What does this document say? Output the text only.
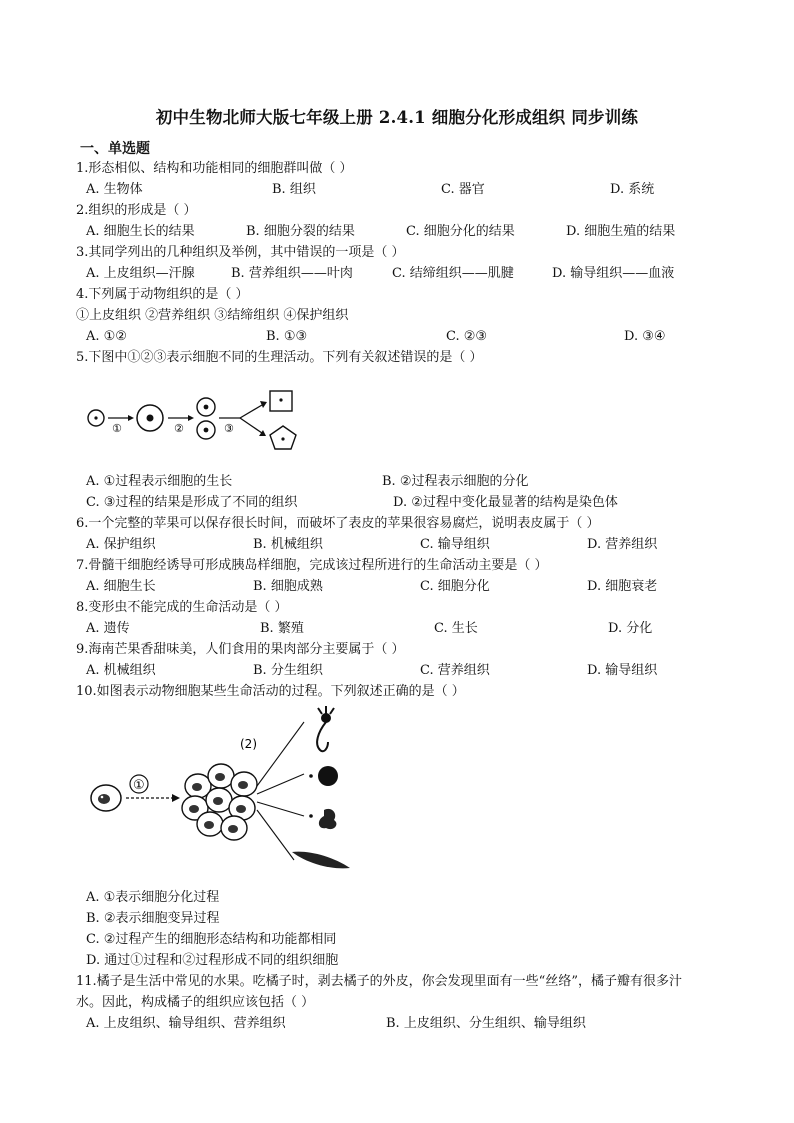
初中生物北师大版七年级上册 2.4.1 细胞分化形成组织 同步训练
一、单选题
1.形态相似、结构和功能相同的细胞群叫做（ ）
A. 生物体	B. 组织	C. 器官	D. 系统
2.组织的形成是（ ）
A. 细胞生长的结果	B. 细胞分裂的结果	C. 细胞分化的结果	D. 细胞生殖的结果
3.其同学列出的几种组织及举例，其中错误的一项是（ ）
A. 上皮组织—汗腺	B. 营养组织——叶肉	C. 结缔组织——肌腱	D. 输导组织——血液
4.下列属于动物组织的是（ ）
①上皮组织 ②营养组织 ③结缔组织 ④保护组织
A. ①②	B. ①③	C. ②③	D. ③④
5.下图中①②③表示细胞不同的生理活动。下列有关叙述错误的是（ ）
①	②	③
A. ①过程表示细胞的生长	B. ②过程表示细胞的分化
C. ③过程的结果是形成了不同的组织	D. ②过程中变化最显著的结构是染色体
6.一个完整的苹果可以保存很长时间，而破坏了表皮的苹果很容易腐烂，说明表皮属于（ ）
A. 保护组织	B. 机械组织	C. 输导组织	D. 营养组织
7.骨髓干细胞经诱导可形成胰岛样细胞，完成该过程所进行的生命活动主要是（ ）
A. 细胞生长	B. 细胞成熟	C. 细胞分化	D. 细胞衰老
8.变形虫不能完成的生命活动是（ ）
A. 遗传	B. 繁殖	C. 生长	D. 分化
9.海南芒果香甜味美，人们食用的果肉部分主要属于（ ）
A. 机械组织	B. 分生组织	C. 营养组织	D. 输导组织
10.如图表示动物细胞某些生命活动的过程。下列叙述正确的是（ ）
①
(2)
A. ①表示细胞分化过程
B. ②表示细胞变异过程
C. ②过程产生的细胞形态结构和功能都相同
D. 通过①过程和②过程形成不同的组织细胞
11.橘子是生活中常见的水果。吃橘子时，剥去橘子的外皮，你会发现里面有一些“丝络”，橘子瓣有很多汁
水。因此，构成橘子的组织应该包括（ ）
A. 上皮组织、输导组织、营养组织	B. 上皮组织、分生组织、输导组织
